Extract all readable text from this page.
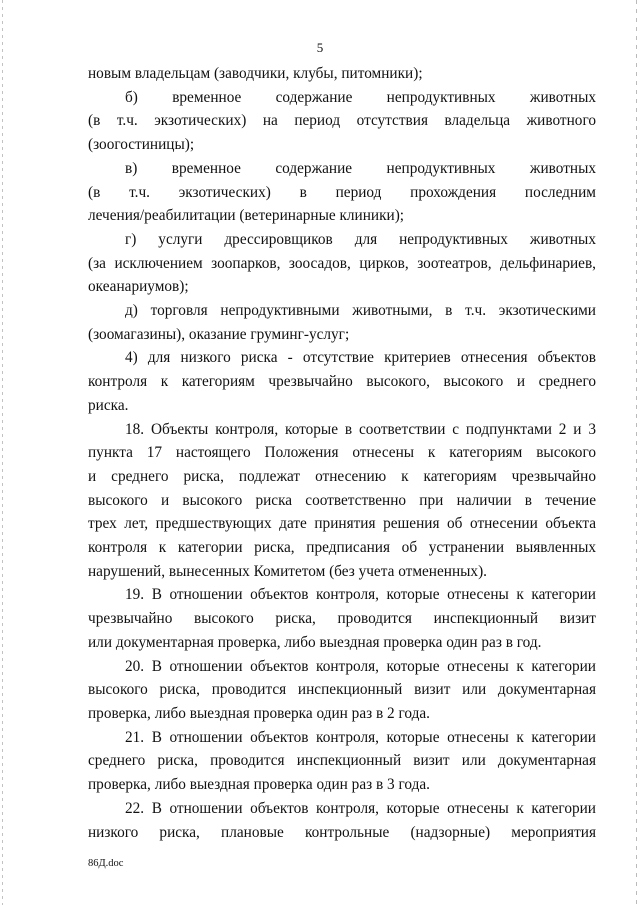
5
новым владельцам (заводчики, клубы, питомники);
б) временное содержание непродуктивных животных
(в т.ч. экзотических) на период отсутствия владельца животного
(зоогостиницы);
в) временное содержание непродуктивных животных
(в т.ч. экзотических) в период прохождения последним
лечения/реабилитации (ветеринарные клиники);
г) услуги дрессировщиков для непродуктивных животных
(за исключением зоопарков, зоосадов, цирков, зоотеатров, дельфинариев,
океанариумов);
д) торговля непродуктивными животными, в т.ч. экзотическими
(зоомагазины), оказание груминг-услуг;
4) для низкого риска - отсутствие критериев отнесения объектов
контроля к категориям чрезвычайно высокого, высокого и среднего
риска.
18. Объекты контроля, которые в соответствии с подпунктами 2 и 3
пункта 17 настоящего Положения отнесены к категориям высокого
и среднего риска, подлежат отнесению к категориям чрезвычайно
высокого и высокого риска соответственно при наличии в течение
трех лет, предшествующих дате принятия решения об отнесении объекта
контроля к категории риска, предписания об устранении выявленных
нарушений, вынесенных Комитетом (без учета отмененных).
19. В отношении объектов контроля, которые отнесены к категории
чрезвычайно высокого риска, проводится инспекционный визит
или документарная проверка, либо выездная проверка один раз в год.
20. В отношении объектов контроля, которые отнесены к категории
высокого риска, проводится инспекционный визит или документарная
проверка, либо выездная проверка один раз в 2 года.
21. В отношении объектов контроля, которые отнесены к категории
среднего риска, проводится инспекционный визит или документарная
проверка, либо выездная проверка один раз в 3 года.
22. В отношении объектов контроля, которые отнесены к категории
низкого риска, плановые контрольные (надзорные) мероприятия
86Д.doc
